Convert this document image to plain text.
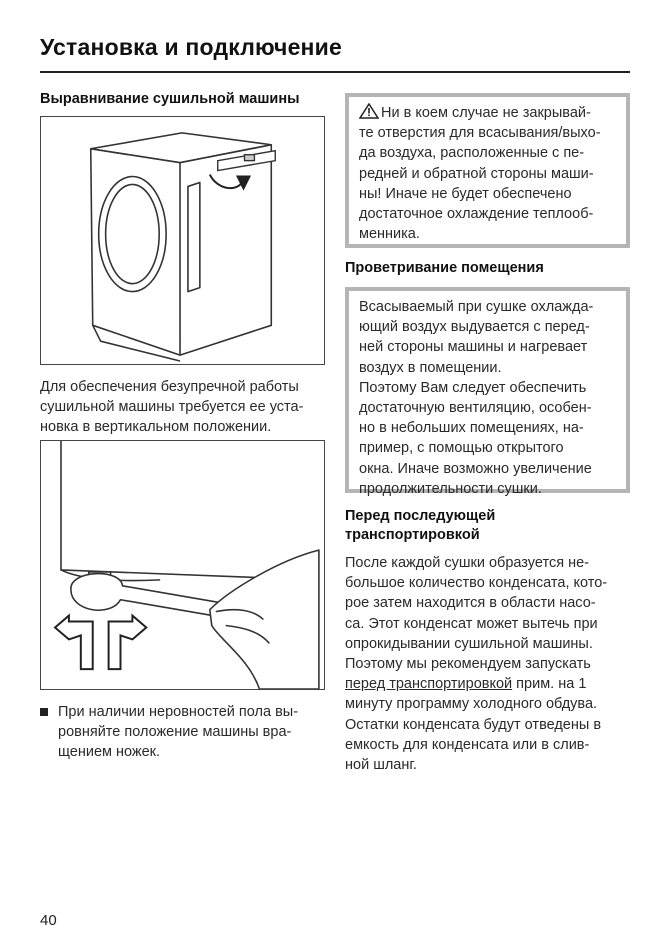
Установка и подключение
Выравнивание сушильной машины
Для обеспечения безупречной работы
сушильной машины требуется ее уста-
новка в вертикальном положении.
При наличии неровностей пола вы-
ровняйте положение машины вра-
щением ножек.
Ни в коем случае не закрывай-
те отверстия для всасывания/выхо-
да воздуха, расположенные с пе-
редней и обратной стороны маши-
ны! Иначе не будет обеспечено
достаточное охлаждение теплооб-
менника.
Проветривание помещения
Всасываемый при сушке охлажда-
ющий воздух выдувается с перед-
ней стороны машины и нагревает
воздух в помещении.
Поэтому Вам следует обеспечить
достаточную вентиляцию, особен-
но в небольших помещениях, на-
пример, с помощью открытого
окна. Иначе возможно увеличение
продолжительности сушки.
Перед последующей
транспортировкой
После каждой сушки образуется не-
большое количество конденсата, кото-
рое затем находится в области насо-
са. Этот конденсат может вытечь при
опрокидывании сушильной машины.
Поэтому мы рекомендуем запускать
перед транспортировкой прим. на 1
минуту программу холодного обдува.
Остатки конденсата будут отведены в
емкость для конденсата или в слив-
ной шланг.
40
